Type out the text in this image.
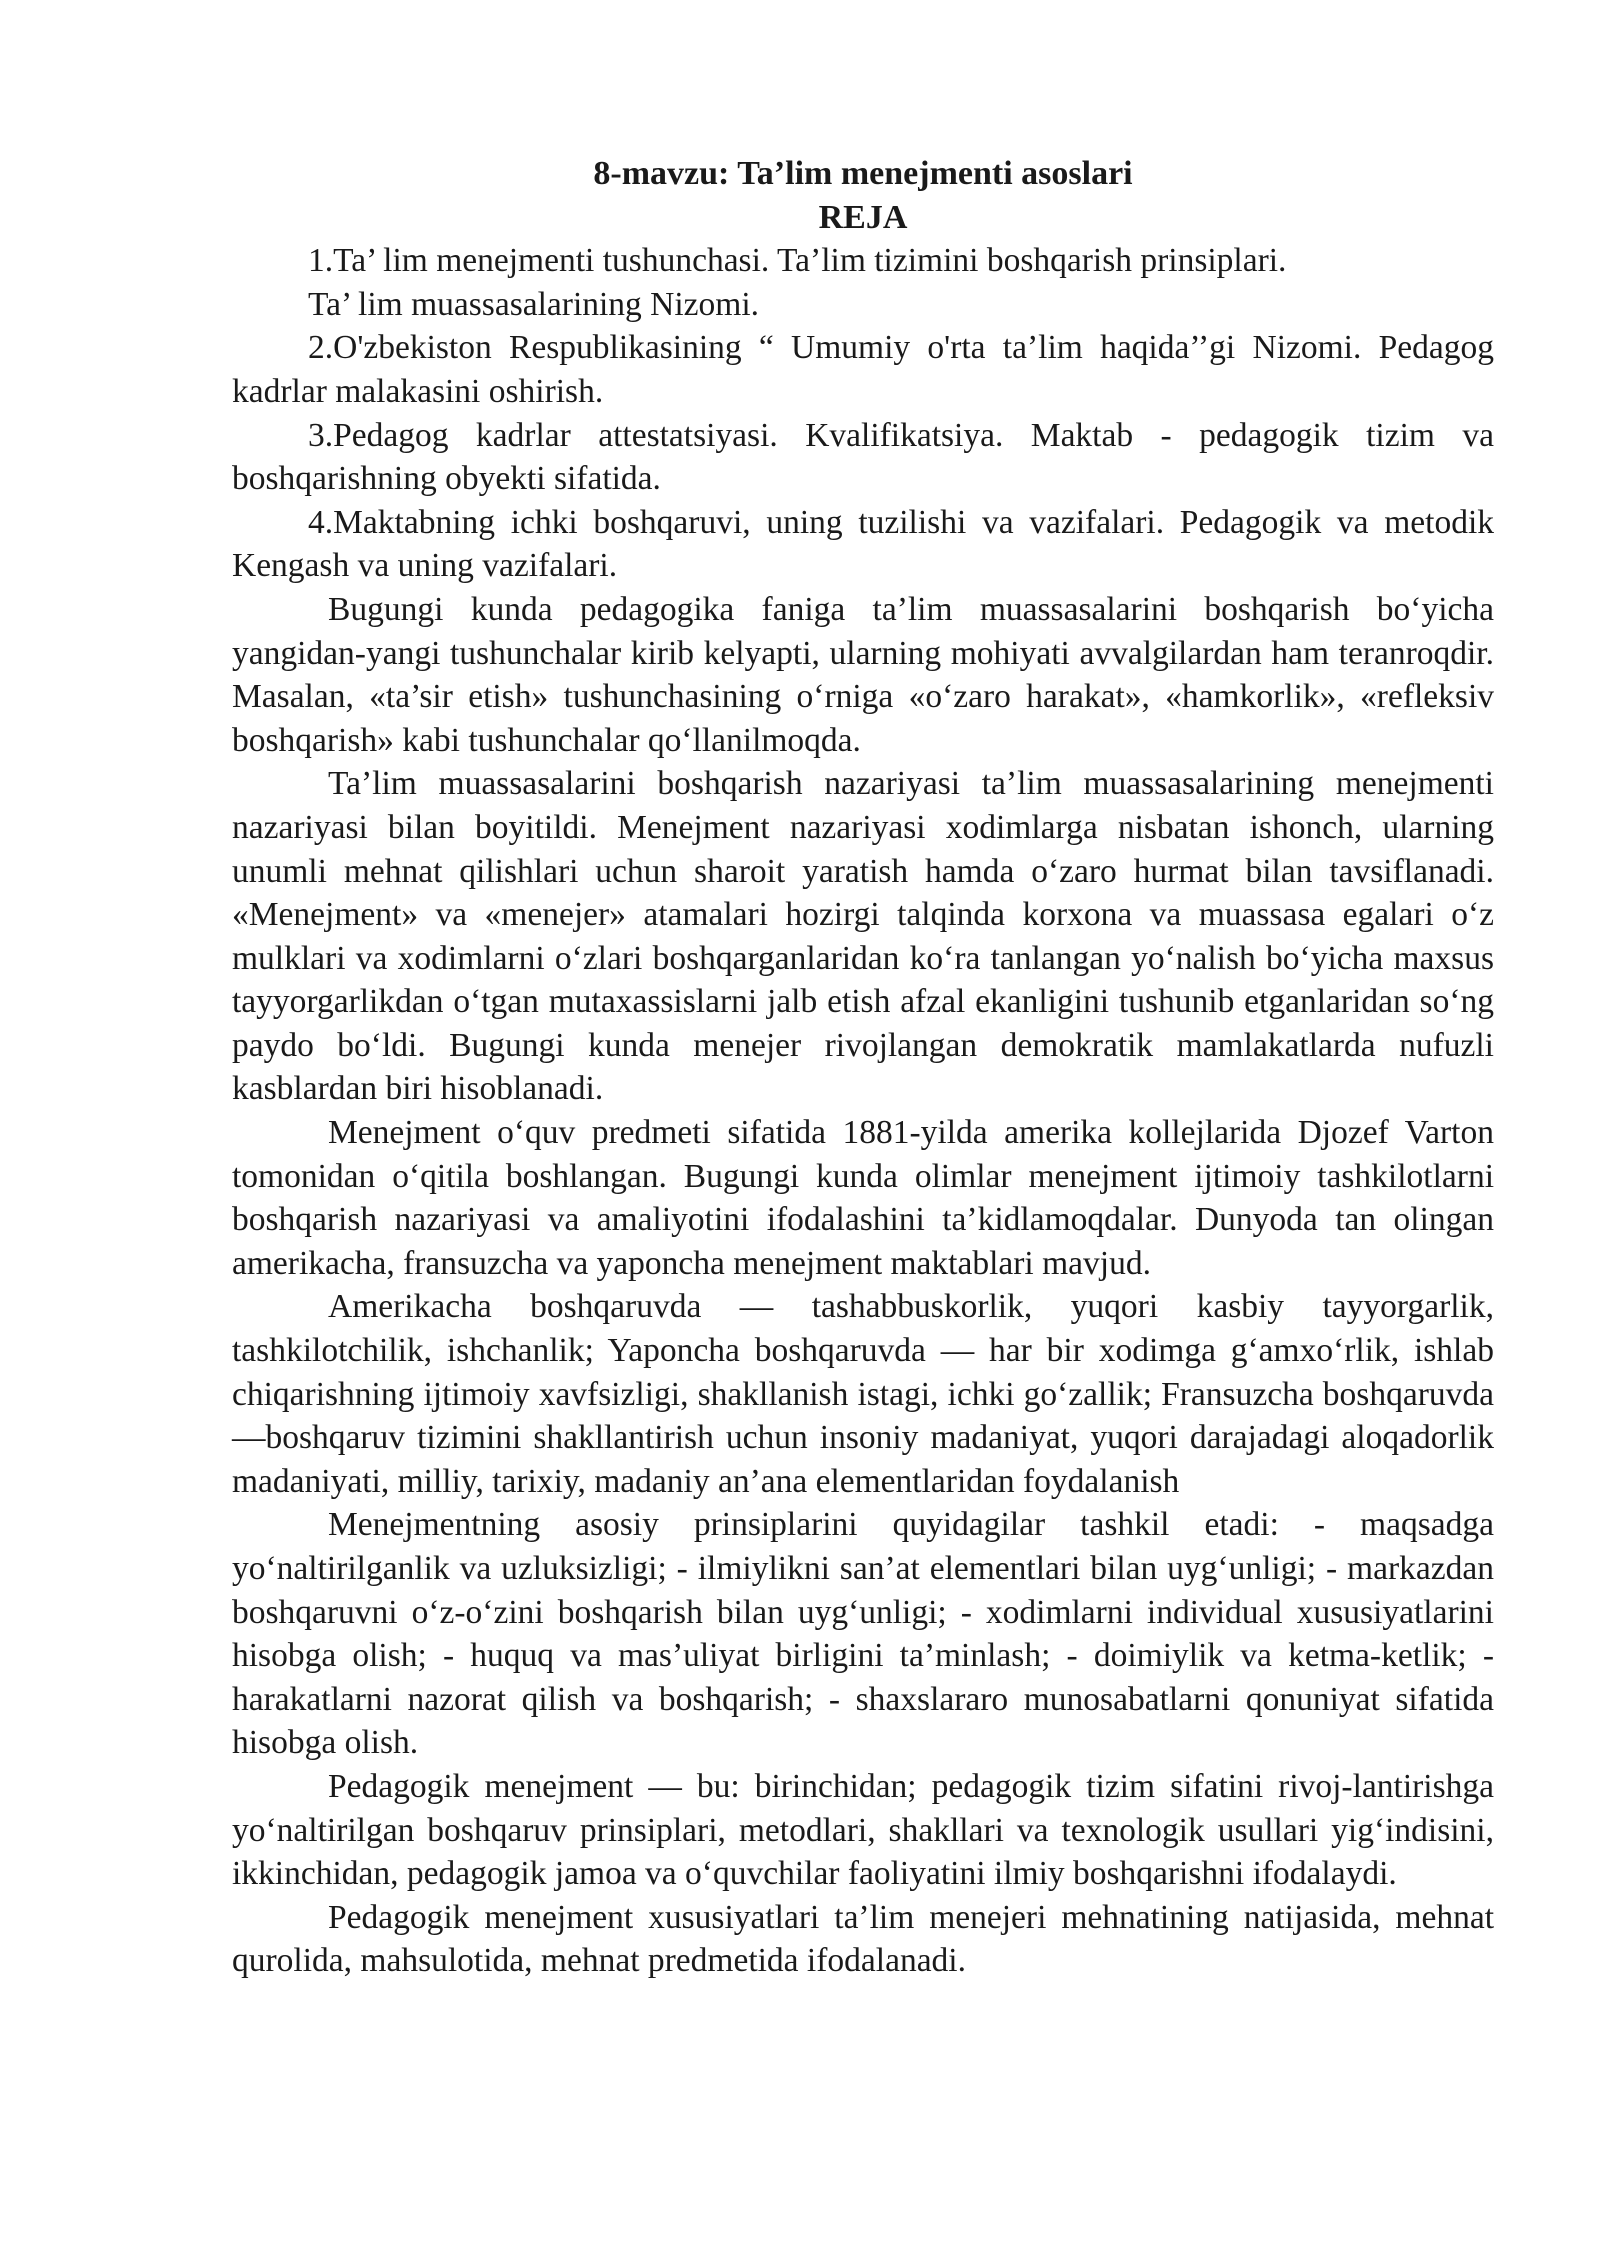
8-mavzu: Ta’lim menejmenti asoslari

REJA

1.Ta’ lim menejmenti tushunchasi. Ta’lim tizimini boshqarish prinsiplari.

Ta’ lim muassasalarining Nizomi.

2.O'zbekiston Respublikasining “ Umumiy o'rta ta’lim haqida’’gi Nizomi. Pedagog kadrlar malakasini oshirish.

3.Pedagog kadrlar attestatsiyasi. Kvalifikatsiya. Maktab - pedagogik tizim va boshqarishning obyekti sifatida.

4.Maktabning ichki boshqaruvi, uning tuzilishi va vazifalari. Pedagogik va metodik Kengash va uning vazifalari.

Bugungi kunda pedagogika faniga ta’lim muassasalarini boshqarish bo‘yicha yangidan-yangi tushunchalar kirib kelyapti, ularning mohiyati avvalgilardan ham teranroqdir. Masalan, «ta’sir etish» tushunchasining o‘rniga «o‘zaro harakat», «hamkorlik», «refleksiv boshqarish» kabi tushunchalar qo‘llanilmoqda.

Ta’lim muassasalarini boshqarish nazariyasi ta’lim muassasalarining menejmenti nazariyasi bilan boyitildi. Menejment nazariyasi xodimlarga nisbatan ishonch, ularning unumli mehnat qilishlari uchun sharoit yaratish hamda o‘zaro hurmat bilan tavsiflanadi. «Menejment» va «menejer» atamalari hozirgi talqinda korxona va muassasa egalari o‘z mulklari va xodimlarni o‘zlari boshqarganlaridan ko‘ra tanlangan yo‘nalish bo‘yicha maxsus tayyorgarlikdan o‘tgan mutaxassislarni jalb etish afzal ekanligini tushunib etganlaridan so‘ng paydo bo‘ldi. Bugungi kunda menejer rivojlangan demokratik mamlakatlarda nufuzli kasblardan biri hisoblanadi.

Menejment o‘quv predmeti sifatida 1881-yilda amerika kollejlarida Djozef Varton tomonidan o‘qitila boshlangan. Bugungi kunda olimlar menejment ijtimoiy tashkilotlarni boshqarish nazariyasi va amaliyotini ifodalashini ta’kidlamoqdalar. Dunyoda tan olingan amerikacha, fransuzcha va yaponcha menejment maktablari mavjud.

Amerikacha boshqaruvda — tashabbuskorlik, yuqori kasbiy tayyorgarlik, tashkilotchilik, ishchanlik; Yaponcha boshqaruvda — har bir xodimga g‘amxo‘rlik, ishlab chiqarishning ijtimoiy xavfsizligi, shakllanish istagi, ichki go‘zallik; Fransuzcha boshqaruvda—boshqaruv tizimini shakllantirish uchun insoniy madaniyat, yuqori darajadagi aloqadorlik madaniyati, milliy, tarixiy, madaniy an’ana elementlaridan foydalanish

Menejmentning asosiy prinsiplarini quyidagilar tashkil etadi: - maqsadga yo‘naltirilganlik va uzluksizligi; - ilmiylikni san’at elementlari bilan uyg‘unligi; - markazdan boshqaruvni o‘z-o‘zini boshqarish bilan uyg‘unligi; - xodimlarni individual xususiyatlarini hisobga olish; - huquq va mas’uliyat birligini ta’minlash; - doimiylik va ketma-ketlik; - harakatlarni nazorat qilish va boshqarish; - shaxslararo munosabatlarni qonuniyat sifatida hisobga olish.

Pedagogik menejment — bu: birinchidan; pedagogik tizim sifatini rivoj-lantirishga yo‘naltirilgan boshqaruv prinsiplari, metodlari, shakllari va texnologik usullari yig‘indisini, ikkinchidan, pedagogik jamoa va o‘quvchilar faoliyatini ilmiy boshqarishni ifodalaydi.

Pedagogik menejment xususiyatlari ta’lim menejeri mehnatining natijasida, mehnat qurolida, mahsulotida, mehnat predmetida ifodalanadi.
